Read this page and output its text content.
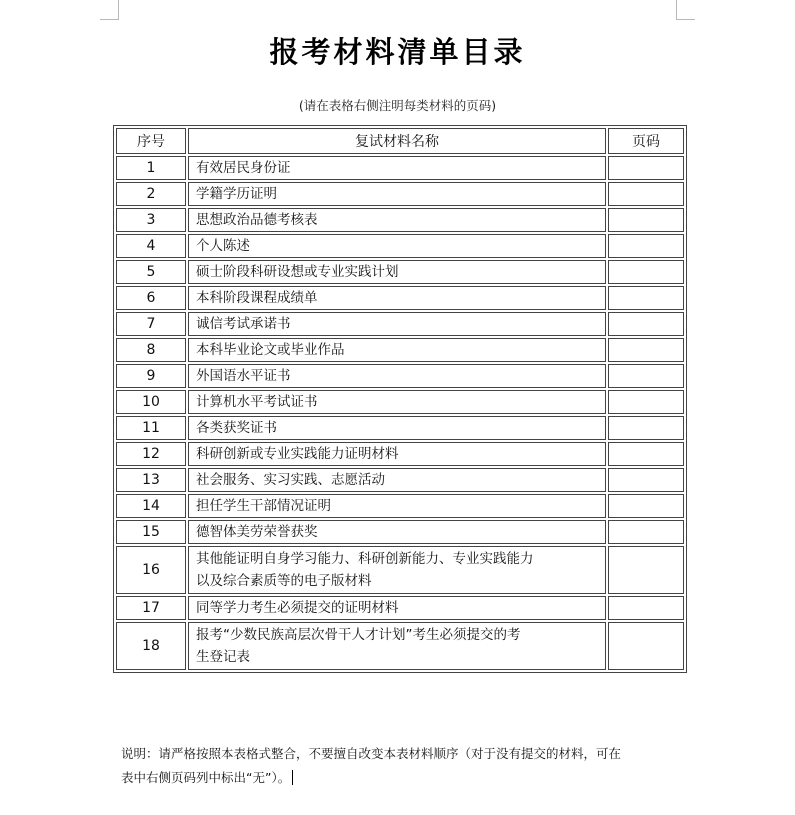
报考材料清单目录
(请在表格右侧注明每类材料的页码)
序号	复试材料名称	页码
1	有效居民身份证	
2	学籍学历证明	
3	思想政治品德考核表	
4	个人陈述	
5	硕士阶段科研设想或专业实践计划	
6	本科阶段课程成绩单	
7	诚信考试承诺书	
8	本科毕业论文或毕业作品	
9	外国语水平证书	
10	计算机水平考试证书	
11	各类获奖证书	
12	科研创新或专业实践能力证明材料	
13	社会服务、实习实践、志愿活动	
14	担任学生干部情况证明	
15	德智体美劳荣誉获奖	
16	其他能证明自身学习能力、科研创新能力、专业实践能力
以及综合素质等的电子版材料	

17	同等学力考生必须提交的证明材料	
18	报考“少数民族高层次骨干人才计划”考生必须提交的考
生登记表	

说明：请严格按照本表格式整合，不要擅自改变本表材料顺序（对于没有提交的材料，可在
表中右侧页码列中标出“无”）。
